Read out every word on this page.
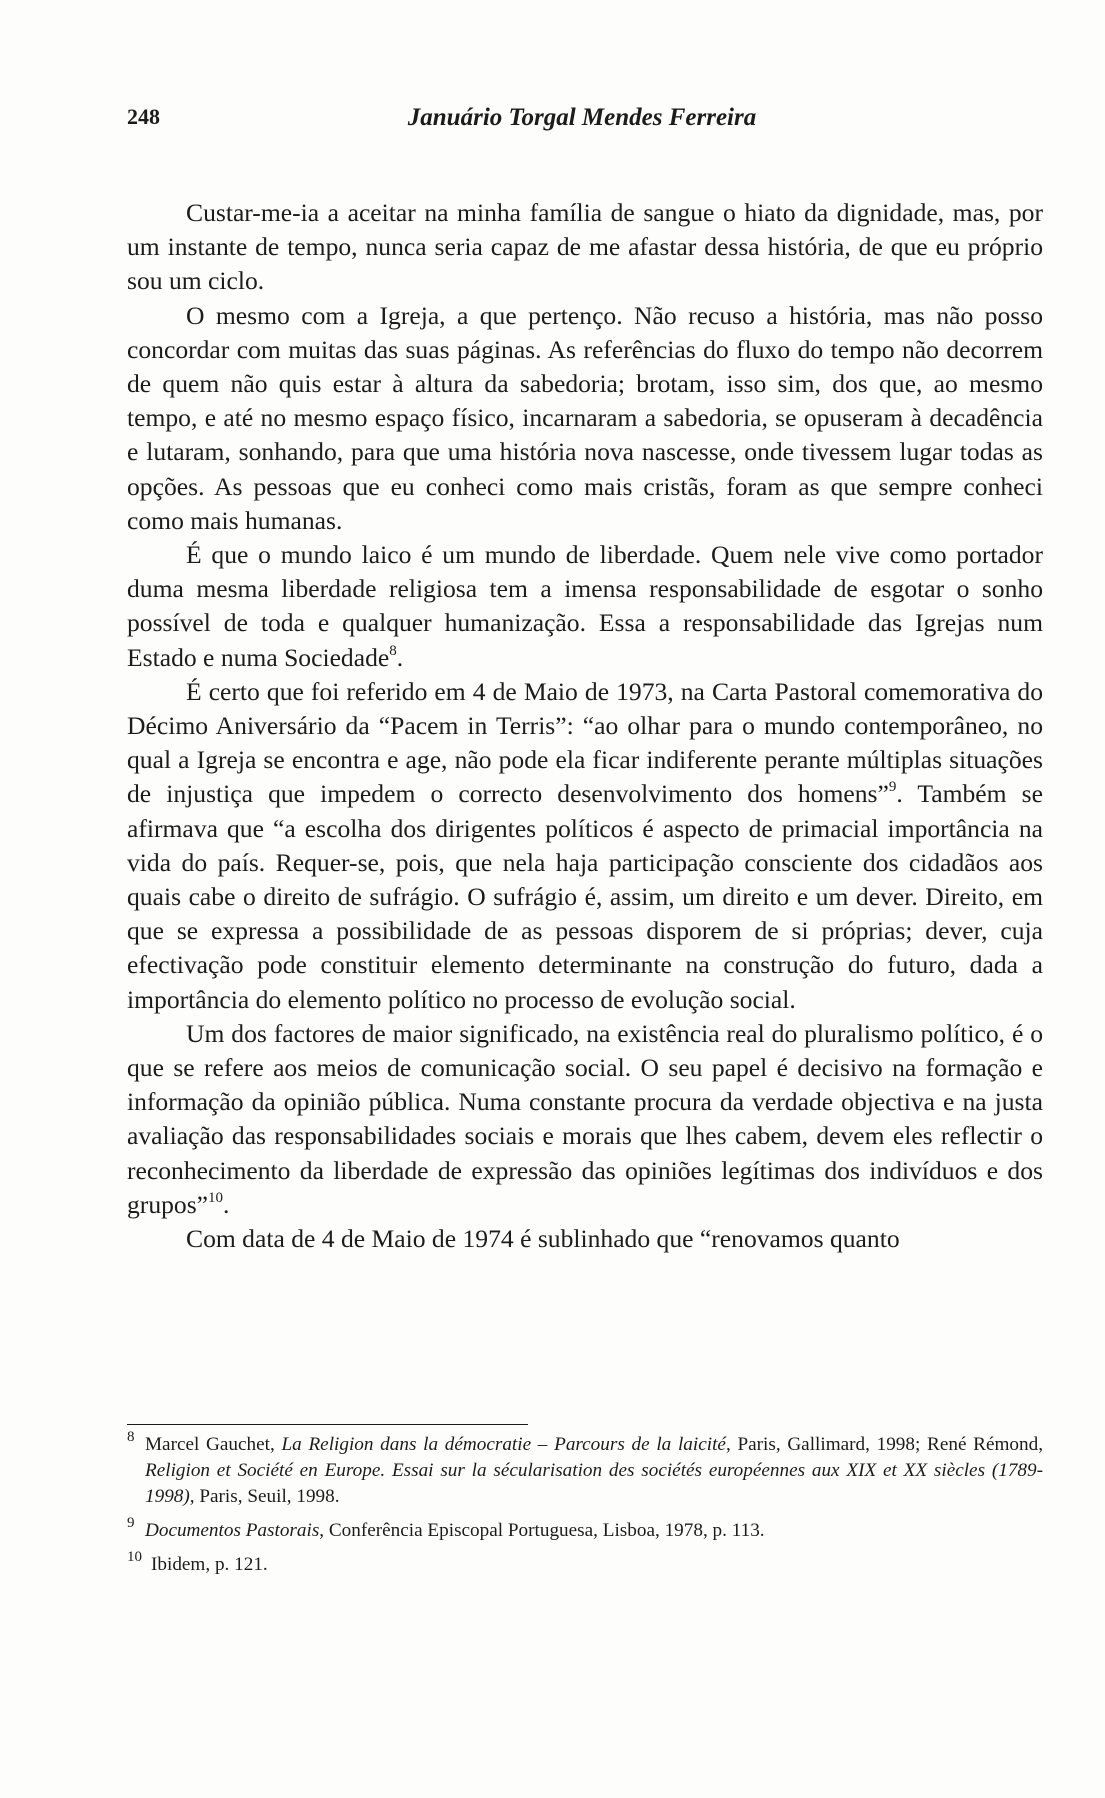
248	Januário Torgal Mendes Ferreira

Custar-me-ia a aceitar na minha família de sangue o hiato da dignidade, mas, por um instante de tempo, nunca seria capaz de me afastar dessa história, de que eu próprio sou um ciclo.

O mesmo com a Igreja, a que pertenço. Não recuso a história, mas não posso concordar com muitas das suas páginas. As referências do fluxo do tempo não decorrem de quem não quis estar à altura da sabedoria; brotam, isso sim, dos que, ao mesmo tempo, e até no mesmo espaço físico, incarnaram a sabedoria, se opuseram à decadência e lutaram, sonhando, para que uma história nova nascesse, onde tivessem lugar todas as opções. As pessoas que eu conheci como mais cristãs, foram as que sempre conheci como mais humanas.

É que o mundo laico é um mundo de liberdade. Quem nele vive como portador duma mesma liberdade religiosa tem a imensa responsabilidade de esgotar o sonho possível de toda e qualquer humanização. Essa a responsabilidade das Igrejas num Estado e numa Sociedade$^8$.

É certo que foi referido em 4 de Maio de 1973, na Carta Pastoral comemorativa do Décimo Aniversário da “Pacem in Terris”: “ao olhar para o mundo contemporâneo, no qual a Igreja se encontra e age, não pode ela ficar indiferente perante múltiplas situações de injustiça que impedem o correcto desenvolvimento dos homens”$^9$. Também se afirmava que “a escolha dos dirigentes políticos é aspecto de primacial importância na vida do país. Requer-se, pois, que nela haja participação consciente dos cidadãos aos quais cabe o direito de sufrágio. O sufrágio é, assim, um direito e um dever. Direito, em que se expressa a possibilidade de as pessoas disporem de si próprias; dever, cuja efectivação pode constituir elemento determinante na construção do futuro, dada a importância do elemento político no processo de evolução social.

Um dos factores de maior significado, na existência real do pluralismo político, é o que se refere aos meios de comunicação social. O seu papel é decisivo na formação e informação da opinião pública. Numa constante procura da verdade objectiva e na justa avaliação das responsabilidades sociais e morais que lhes cabem, devem eles reflectir o reconhecimento da liberdade de expressão das opiniões legítimas dos indivíduos e dos grupos”$^{10}$.

Com data de 4 de Maio de 1974 é sublinhado que “renovamos quanto

8 Marcel Gauchet, La Religion dans la démocratie – Parcours de la laicité, Paris, Gallimard, 1998; René Rémond, Religion et Société en Europe. Essai sur la sécularisation des sociétés européennes aux XIX et XX siècles (1789-1998), Paris, Seuil, 1998.

9 Documentos Pastorais, Conferência Episcopal Portuguesa, Lisboa, 1978, p. 113.

10 Ibidem, p. 121.
